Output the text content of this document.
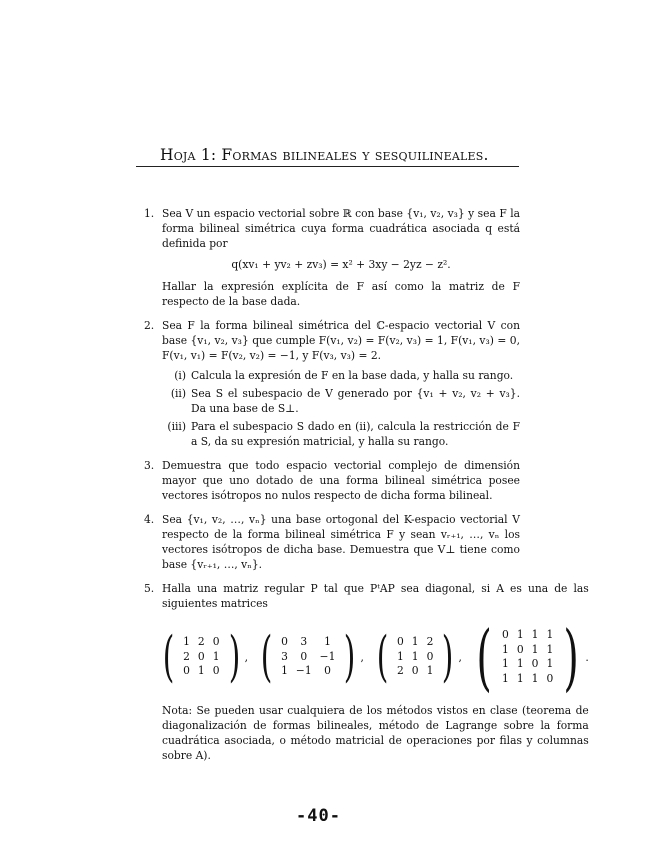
Hoja 1: Formas bilineales y sesquilineales.
1. Sea V un espacio vectorial sobre ℝ con base {v₁, v₂, v₃} y sea F la forma bilineal simétrica cuya forma cuadrática asociada q está definida por

q(xv₁ + yv₂ + zv₃) = x² + 3xy − 2yz − z².

Hallar la expresión explícita de F así como la matriz de F respecto de la base dada.

2. Sea F la forma bilineal simétrica del ℂ-espacio vectorial V con base {v₁, v₂, v₃} que cumple F(v₁, v₂) = F(v₂, v₃) = 1, F(v₁, v₃) = 0, F(v₁, v₁) = F(v₂, v₂) = −1, y F(v₃, v₃) = 2.

(i) Calcula la expresión de F en la base dada, y halla su rango.
(ii) Sea S el subespacio de V generado por {v₁ + v₂, v₂ + v₃}. Da una base de S⊥.
(iii) Para el subespacio S dado en (ii), calcula la restricción de F a S, da su expresión matricial, y halla su rango.
3. Demuestra que todo espacio vectorial complejo de dimensión mayor que uno dotado de una forma bilineal simétrica posee vectores isótropos no nulos respecto de dicha forma bilineal.

4. Sea {v₁, v₂, …, vₙ} una base ortogonal del K-espacio vectorial V respecto de la forma bilineal simétrica F y sean vᵣ₊₁, …, vₙ los vectores isótropos de dicha base. Demuestra que V⊥ tiene como base {vᵣ₊₁, …, vₙ}.

5. Halla una matriz regular P tal que PᵗAP sea diagonal, si A es una de las siguientes matrices

( 1	2	0
2	0	1
0	1	0 ) , ( 0	3	1
3	0	−1
1	−1	0 ) , ( 0	1	2
1	1	0
2	0	1 ) , ( 0	1	1	1
1	0	1	1
1	1	0	1
1	1	1	0 ) .

Nota: Se pueden usar cualquiera de los métodos vistos en clase (teorema de diagonalización de formas bilineales, método de Lagrange sobre la forma cuadrática asociada, o método matricial de operaciones por filas y columnas sobre A).

-40-
